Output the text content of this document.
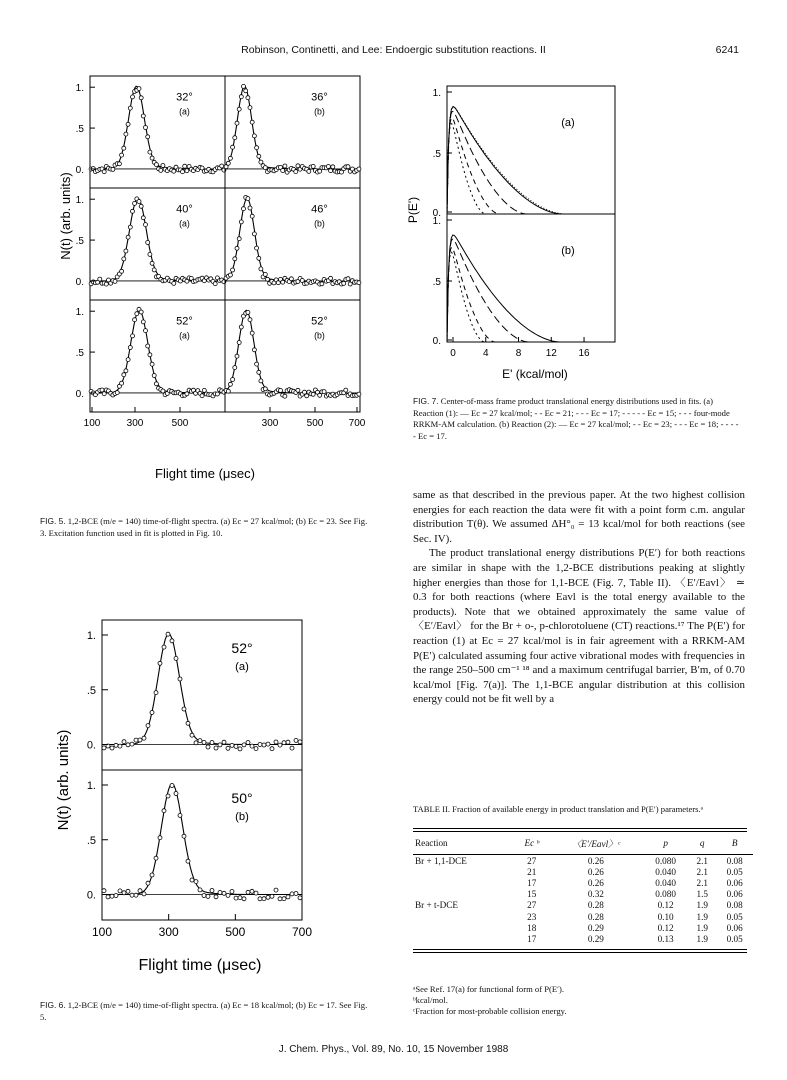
Robinson, Continetti, and Lee: Endoergic substitution reactions. II	6241
32°
(a)
36°
(b)
1.
.5
0.
40°
(a)
46°
(b)
1.
.5
0.
52°
(a)
52°
(b)
1.
.5
0.
100	300	500	300	500	700
N(t) (arb. units)
Flight time (μsec)
FIG. 5. 1,2-BCE (m/e = 140) time-of-flight spectra. (a) Ec = 27 kcal/mol; (b) Ec = 23. See Fig. 3. Excitation function used in fit is plotted in Fig. 10.
52°
(a)
1.
.5
0.
50°
(b)
1.
.5
0.
100	300	500	700
N(t) (arb. units)
Flight time (μsec)
FIG. 6. 1,2-BCE (m/e = 140) time-of-flight spectra. (a) Ec = 18 kcal/mol; (b) Ec = 17. See Fig. 5.
(a)
1.
.5
0.
(b)
1.
.5
0.
0	4	8 12 16
P(E')
E' (kcal/mol)
FIG. 7. Center-of-mass frame product translational energy distributions used in fits. (a) Reaction (1): — Ec = 27 kcal/mol; - - Ec = 21; - - - Ec = 17; - - - - - Ec = 15; - - - four-mode RRKM-AM calculation. (b) Reaction (2): — Ec = 27 kcal/mol; - - Ec = 23; - - - Ec = 18; - - - - - Ec = 17.

same as that described in the previous paper. At the two highest collision energies for each reaction the data were fit with a point form c.m. angular distribution T(θ). We assumed ΔH°₀ = 13 kcal/mol for both reactions (see Sec. IV).

The product translational energy distributions P(E′) for both reactions are similar in shape with the 1,2-BCE distributions peaking at slightly higher energies than those for 1,1-BCE (Fig. 7, Table II). 〈E′/Eavl〉 ≃ 0.3 for both reactions (where Eavl is the total energy available to the products). Note that we obtained approximately the same value of 〈E′/Eavl〉 for the Br + o-, p-chlorotoluene (CT) reactions.¹⁷ The P(E′) for reaction (1) at Ec = 27 kcal/mol is in fair agreement with a RRKM-AM P(E′) calculated assuming four active vibrational modes with frequencies in the range 250–500 cm⁻¹ ¹⁸ and a maximum centrifugal barrier, B′m, of 0.70 kcal/mol [Fig. 7(a)]. The 1,1-BCE angular distribution at this collision energy could not be fit well by a

TABLE II. Fraction of available energy in product translation and P(E′) parameters.ᵃ
Reaction	Ec ᵇ	〈E′/Eavl〉ᶜ	p	q	B
Br + 1,1-DCE	27	0.26	0.080	2.1	0.08
	21	0.26	0.040	2.1	0.05
	17	0.26	0.040	2.1	0.06
	15	0.32	0.080	1.5	0.06
Br + t-DCE	27	0.28	0.12	1.9	0.08
	23	0.28	0.10	1.9	0.05
	18	0.29	0.12	1.9	0.06
	17	0.29	0.13	1.9	0.05
ᵃSee Ref. 17(a) for functional form of P(E′).
ᵇkcal/mol.
ᶜFraction for most-probable collision energy.
J. Chem. Phys., Vol. 89, No. 10, 15 November 1988
